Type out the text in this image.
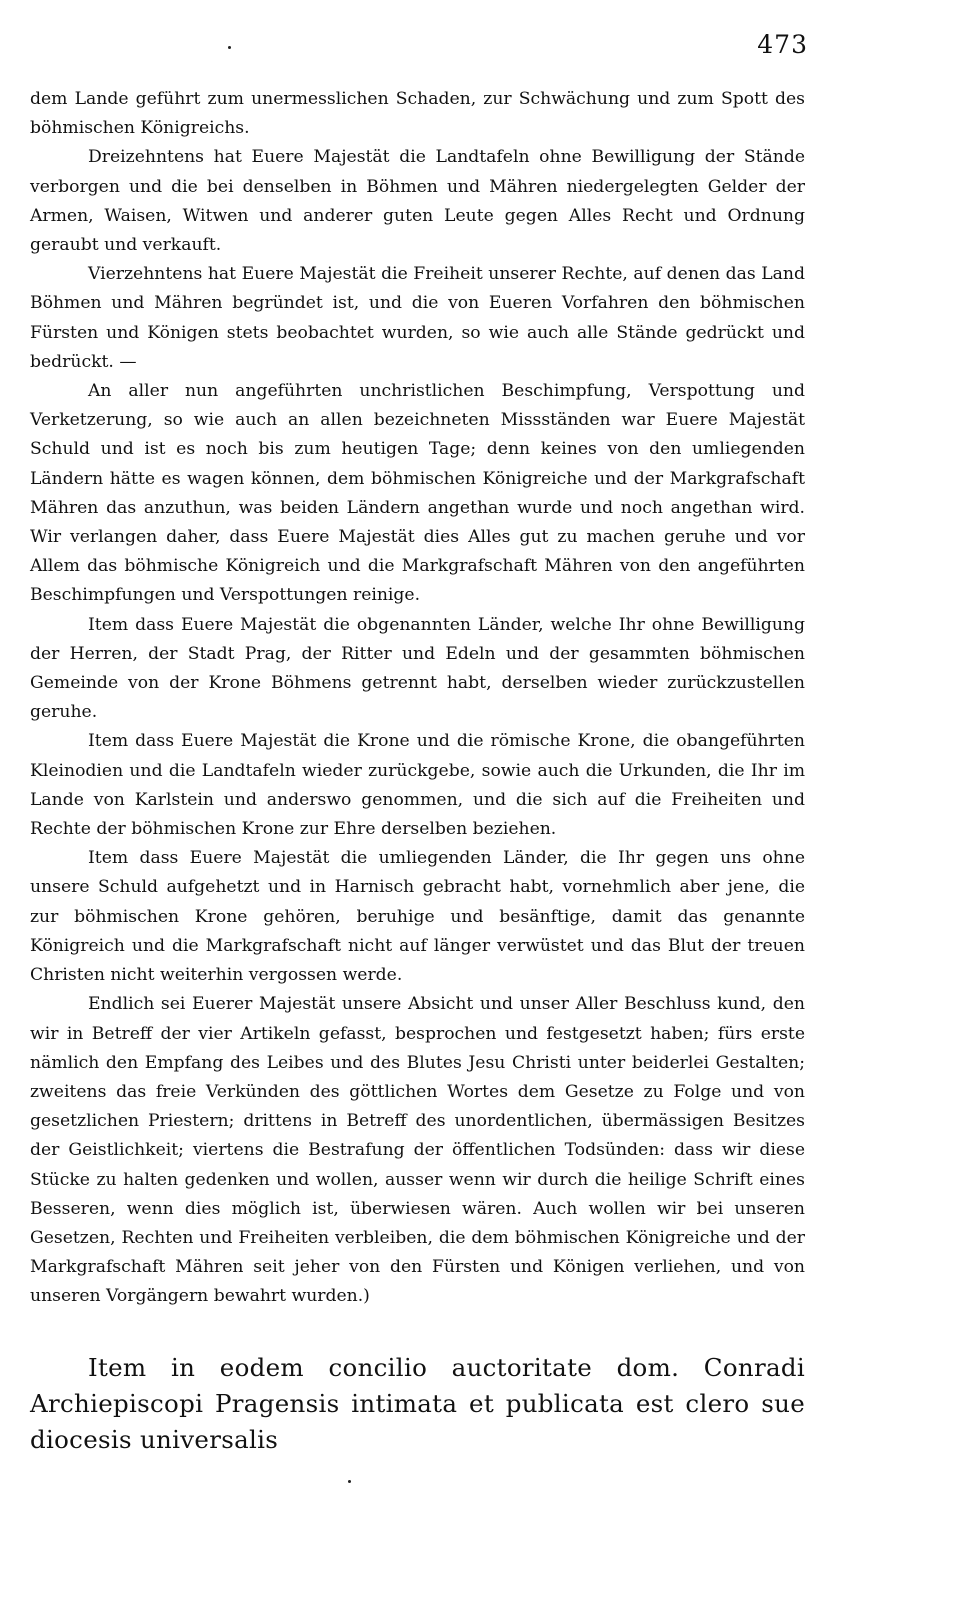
473

dem Lande geführt zum unermesslichen Schaden, zur Schwächung und zum Spott des böhmischen Königreichs.

Dreizehntens hat Euere Majestät die Landtafeln ohne Bewilligung der Stände verborgen und die bei denselben in Böhmen und Mähren niedergelegten Gelder der Armen, Waisen, Witwen und anderer guten Leute gegen Alles Recht und Ordnung geraubt und verkauft.

Vierzehntens hat Euere Majestät die Freiheit unserer Rechte, auf denen das Land Böhmen und Mähren begründet ist, und die von Eueren Vorfahren den böhmischen Fürsten und Königen stets beobachtet wurden, so wie auch alle Stände gedrückt und bedrückt. —

An aller nun angeführten unchristlichen Beschimpfung, Verspottung und Verketzerung, so wie auch an allen bezeichneten Missständen war Euere Majestät Schuld und ist es noch bis zum heutigen Tage; denn keines von den umliegenden Ländern hätte es wagen können, dem böhmischen Königreiche und der Markgrafschaft Mähren das anzuthun, was beiden Ländern angethan wurde und noch angethan wird. Wir verlangen daher, dass Euere Majestät dies Alles gut zu machen geruhe und vor Allem das böhmische Königreich und die Markgrafschaft Mähren von den angeführten Beschimpfungen und Verspottungen reinige.

Item dass Euere Majestät die obgenannten Länder, welche Ihr ohne Bewilligung der Herren, der Stadt Prag, der Ritter und Edeln und der gesammten böhmischen Gemeinde von der Krone Böhmens getrennt habt, derselben wieder zurückzustellen geruhe.

Item dass Euere Majestät die Krone und die römische Krone, die obangeführten Kleinodien und die Landtafeln wieder zurückgebe, sowie auch die Urkunden, die Ihr im Lande von Karlstein und anderswo genommen, und die sich auf die Freiheiten und Rechte der böhmischen Krone zur Ehre derselben beziehen.

Item dass Euere Majestät die umliegenden Länder, die Ihr gegen uns ohne unsere Schuld aufgehetzt und in Harnisch gebracht habt, vornehmlich aber jene, die zur böhmischen Krone gehören, beruhige und besänftige, damit das genannte Königreich und die Markgrafschaft nicht auf länger verwüstet und das Blut der treuen Christen nicht weiterhin vergossen werde.

Endlich sei Euerer Majestät unsere Absicht und unser Aller Beschluss kund, den wir in Betreff der vier Artikeln gefasst, besprochen und festgesetzt haben; fürs erste nämlich den Empfang des Leibes und des Blutes Jesu Christi unter beiderlei Gestalten; zweitens das freie Verkünden des göttlichen Wortes dem Gesetze zu Folge und von gesetzlichen Priestern; drittens in Betreff des unordentlichen, übermässigen Besitzes der Geistlichkeit; viertens die Bestrafung der öffentlichen Todsünden: dass wir diese Stücke zu halten gedenken und wollen, ausser wenn wir durch die heilige Schrift eines Besseren, wenn dies möglich ist, überwiesen wären. Auch wollen wir bei unseren Gesetzen, Rechten und Freiheiten verbleiben, die dem böhmischen Königreiche und der Markgrafschaft Mähren seit jeher von den Fürsten und Königen verliehen, und von unseren Vorgängern bewahrt wurden.)

Item in eodem concilio auctoritate dom. Conradi Archiepiscopi Pragensis intimata et publicata est clero sue diocesis universalis
